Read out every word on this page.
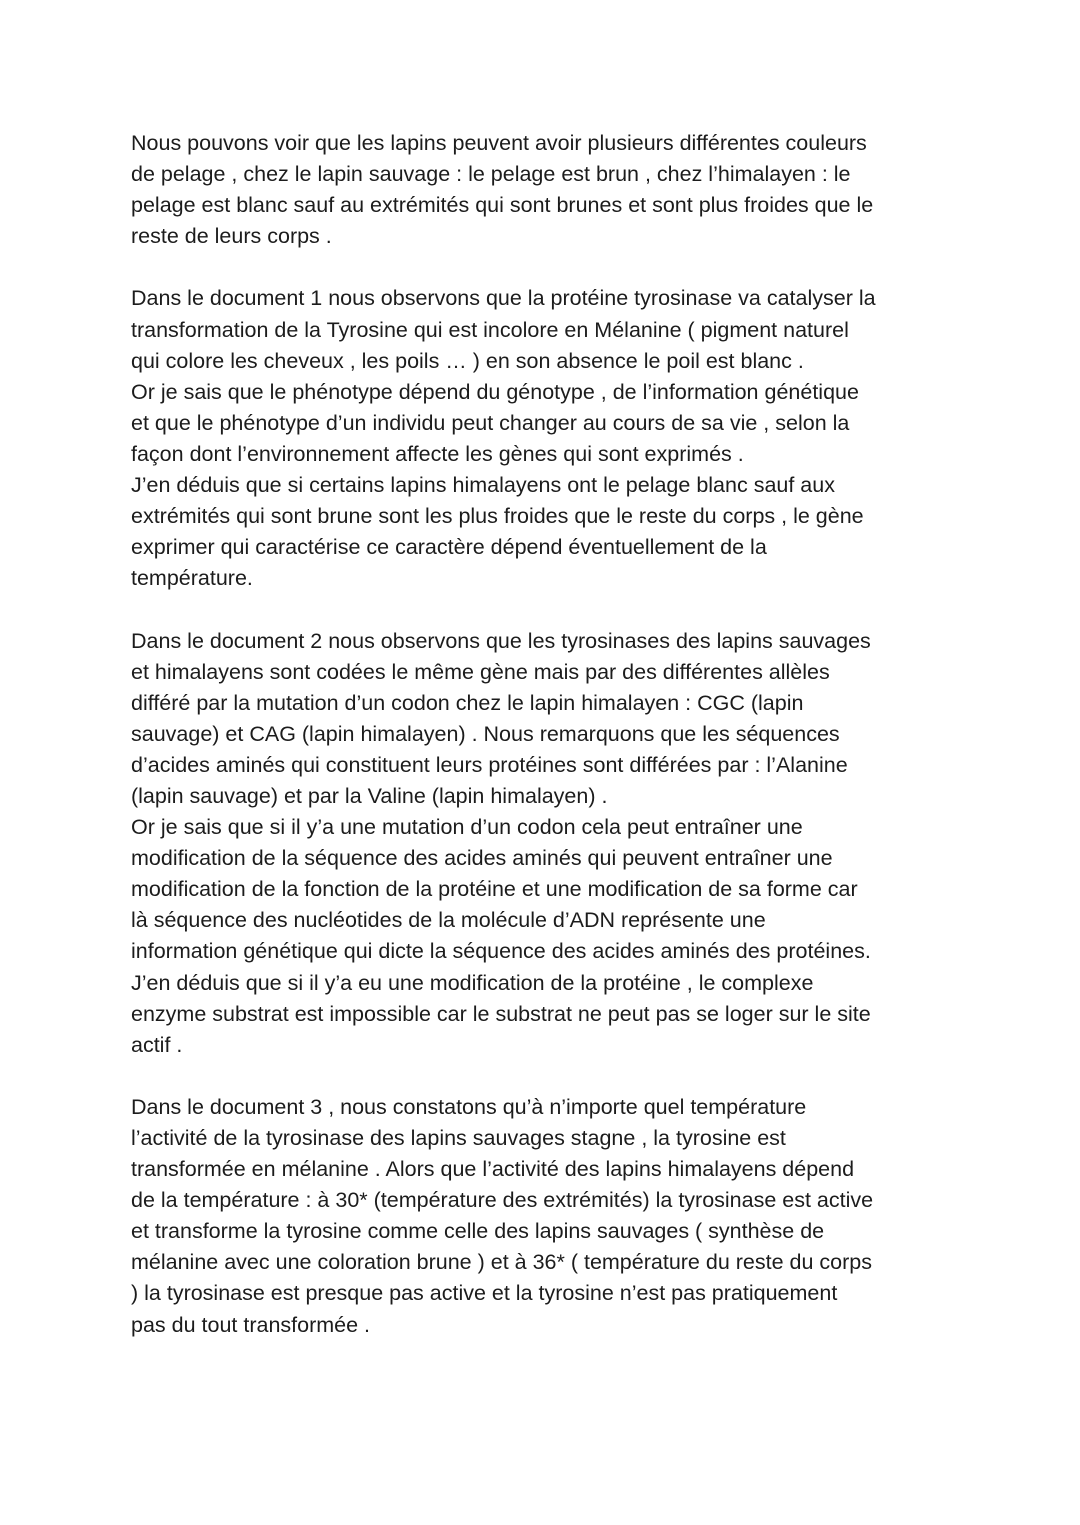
Nous pouvons voir que les lapins peuvent avoir plusieurs différentes couleurs

de pelage , chez le lapin sauvage : le pelage est brun , chez l’himalayen : le

pelage est blanc sauf au extrémités qui sont brunes et sont plus froides que le

reste de leurs corps .

Dans le document 1 nous observons que la protéine tyrosinase va catalyser la

transformation de la Tyrosine qui est incolore en Mélanine ( pigment naturel

qui colore les cheveux , les poils … ) en son absence le poil est blanc .

Or je sais que le phénotype dépend du génotype , de l’information génétique

et que le phénotype d’un individu peut changer au cours de sa vie , selon la

façon dont l’environnement affecte les gènes qui sont exprimés .

J’en déduis que si certains lapins himalayens ont le pelage blanc sauf aux

extrémités qui sont brune sont les plus froides que le reste du corps , le gène

exprimer qui caractérise ce caractère dépend éventuellement de la

température.

Dans le document 2 nous observons que les tyrosinases des lapins sauvages

et himalayens sont codées le même gène mais par des différentes allèles

différé par la mutation d’un codon chez le lapin himalayen : CGC (lapin

sauvage) et CAG (lapin himalayen) . Nous remarquons que les séquences

d’acides aminés qui constituent leurs protéines sont différées par : l’Alanine

(lapin sauvage) et par la Valine (lapin himalayen) .

Or je sais que si il y’a une mutation d’un codon cela peut entraîner une

modification de la séquence des acides aminés qui peuvent entraîner une

modification de la fonction de la protéine et une modification de sa forme car

là séquence des nucléotides de la molécule d’ADN représente une

information génétique qui dicte la séquence des acides aminés des protéines.

J’en déduis que si il y’a eu une modification de la protéine , le complexe

enzyme substrat est impossible car le substrat ne peut pas se loger sur le site

actif .

Dans le document 3 , nous constatons qu’à n’importe quel température

l’activité de la tyrosinase des lapins sauvages stagne , la tyrosine est

transformée en mélanine . Alors que l’activité des lapins himalayens dépend

de la température : à 30* (température des extrémités) la tyrosinase est active

et transforme la tyrosine comme celle des lapins sauvages ( synthèse de

mélanine avec une coloration brune ) et à 36* ( température du reste du corps

) la tyrosinase est presque pas active et la tyrosine n’est pas pratiquement

pas du tout transformée .
